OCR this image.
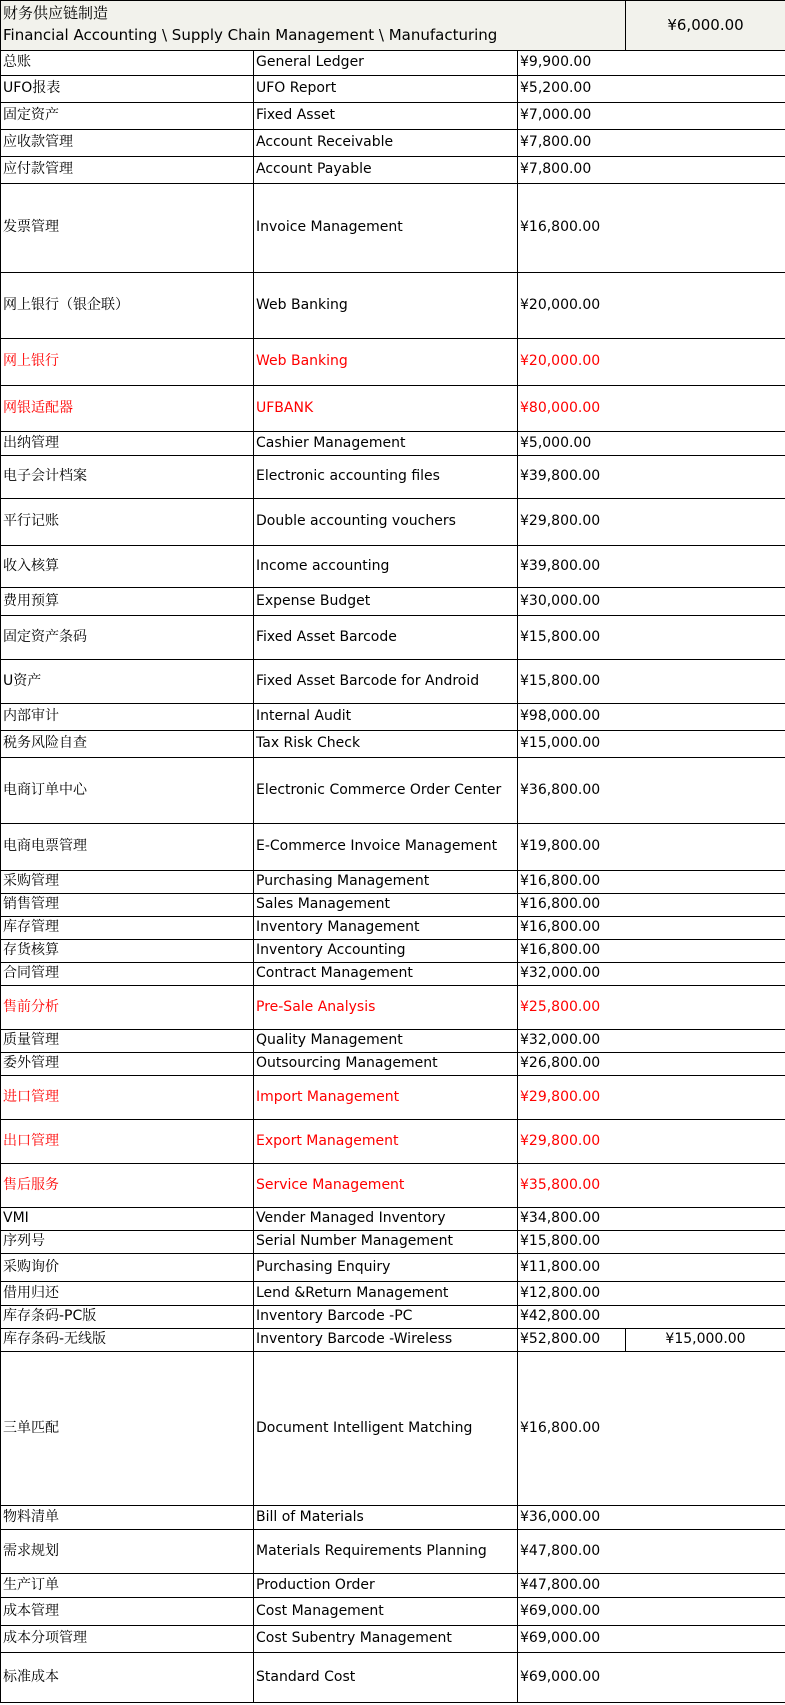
财务供应链制造
Financial Accounting \ Supply Chain Management \ Manufacturing			¥6,000.00
总账	General Ledger	¥9,900.00	
UFO报表	UFO Report	¥5,200.00	
固定资产	Fixed Asset	¥7,000.00	
应收款管理	Account Receivable	¥7,800.00	
应付款管理	Account Payable	¥7,800.00	
发票管理	Invoice Management	¥16,800.00	
网上银行（银企联）	Web Banking	¥20,000.00	
网上银行	Web Banking	¥20,000.00	
网银适配器	UFBANK	¥80,000.00	
出纳管理	Cashier Management	¥5,000.00	
电子会计档案	Electronic accounting files	¥39,800.00	
平行记账	Double accounting vouchers	¥29,800.00	
收入核算	Income accounting	¥39,800.00	
费用预算	Expense Budget	¥30,000.00	
固定资产条码	Fixed Asset Barcode	¥15,800.00	
U资产	Fixed Asset Barcode for Android	¥15,800.00	
内部审计	Internal Audit	¥98,000.00	
税务风险自查	Tax Risk Check	¥15,000.00	
电商订单中心	Electronic Commerce Order Center	¥36,800.00	
电商电票管理	E-Commerce Invoice Management	¥19,800.00	
采购管理	Purchasing Management	¥16,800.00	
销售管理	Sales Management	¥16,800.00	
库存管理	Inventory Management	¥16,800.00	
存货核算	Inventory Accounting	¥16,800.00	
合同管理	Contract Management	¥32,000.00	
售前分析	Pre-Sale Analysis	¥25,800.00	
质量管理	Quality Management	¥32,000.00	
委外管理	Outsourcing Management	¥26,800.00	
进口管理	Import Management	¥29,800.00	
出口管理	Export Management	¥29,800.00	
售后服务	Service Management	¥35,800.00	
VMI	Vender Managed Inventory	¥34,800.00	
序列号	Serial Number Management	¥15,800.00	
采购询价	Purchasing Enquiry	¥11,800.00	
借用归还	Lend &Return Management	¥12,800.00	
库存条码-PC版	Inventory Barcode -PC	¥42,800.00	
库存条码-无线版	Inventory Barcode -Wireless	¥52,800.00	¥15,000.00
三单匹配	Document Intelligent Matching	¥16,800.00	
物料清单	Bill of Materials	¥36,000.00	
需求规划	Materials Requirements Planning	¥47,800.00	
生产订单	Production Order	¥47,800.00	
成本管理	Cost Management	¥69,000.00	
成本分项管理	Cost Subentry Management	¥69,000.00	
标准成本	Standard Cost	¥69,000.00	
